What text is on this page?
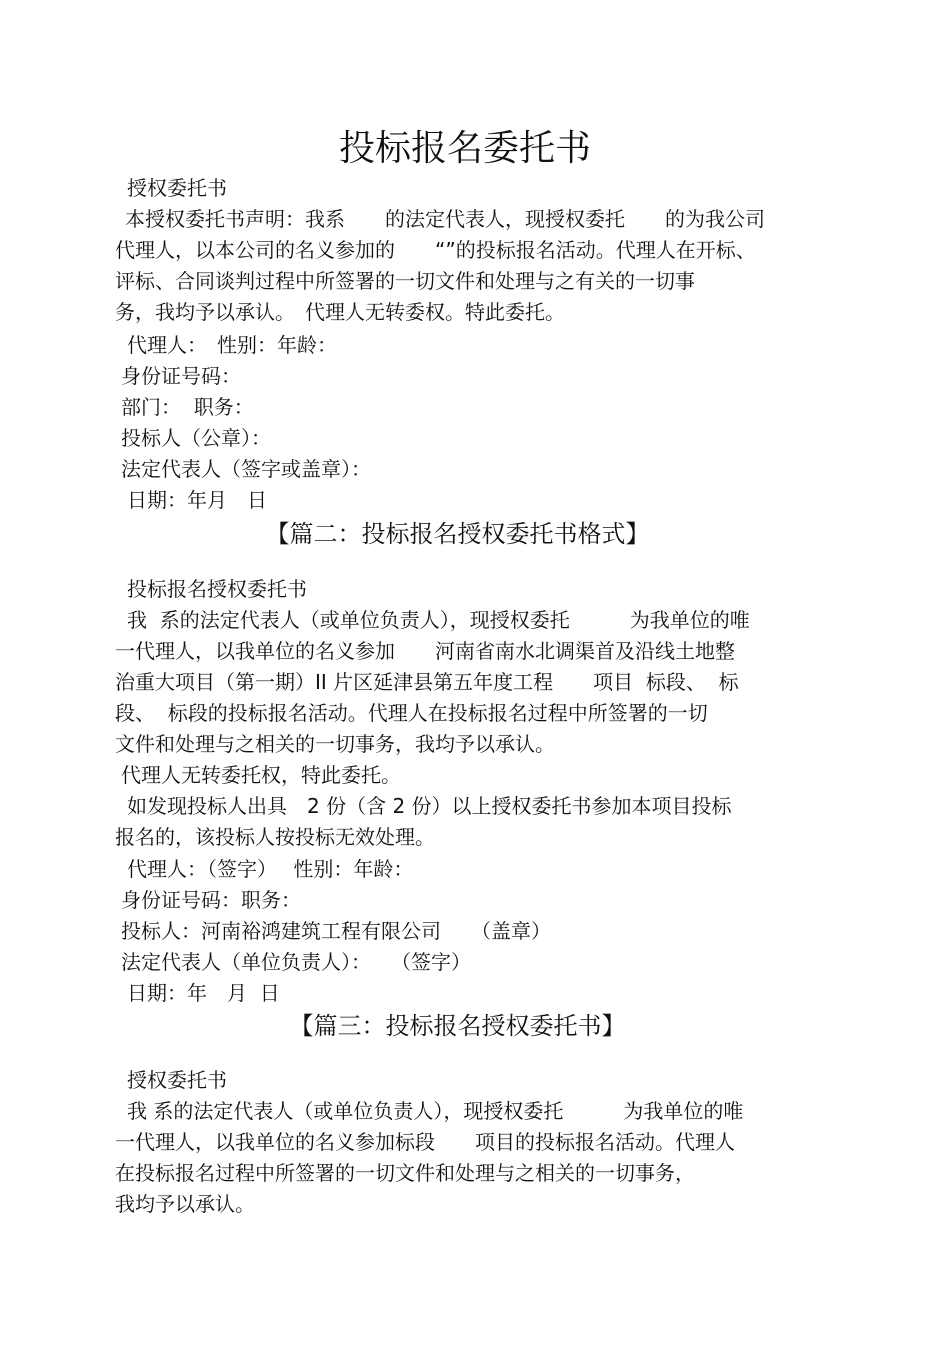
投标报名委托书
授权委托书
本授权委托书声明：我系　　的法定代表人，现授权委托　　的为我公司
代理人，以本公司的名义参加的　　“”的投标报名活动。代理人在开标、
评标、合同谈判过程中所签署的一切文件和处理与之有关的一切事
务，我均予以承认。　代理人无转委权。特此委托。
代理人：　性别：年龄：
身份证号码：
部门：  职务：
投标人（公章）：
法定代表人（签字或盖章）：
日期：年月　日
【篇二：投标报名授权委托书格式】
投标报名授权委托书
我  系的法定代表人（或单位负责人），现授权委托　　　为我单位的唯
一代理人，以我单位的名义参加　　河南省南水北调渠首及沿线土地整
治重大项目（第一期）II 片区延津县第五年度工程　　项目  标段、  标
段、  标段的投标报名活动。代理人在投标报名过程中所签署的一切
文件和处理与之相关的一切事务，我均予以承认。
代理人无转委托权，特此委托。
如发现投标人出具　2 份（含 2 份）以上授权委托书参加本项目投标
报名的，该投标人按投标无效处理。
代理人：（签字）　 性别：年龄：
身份证号码：职务：
投标人：河南裕鸿建筑工程有限公司　　（盖章）
法定代表人（单位负责人）：　　（签字）
日期：年　月  日
【篇三：投标报名授权委托书】
授权委托书
我 系的法定代表人（或单位负责人），现授权委托　　　为我单位的唯
一代理人，以我单位的名义参加标段　　项目的投标报名活动。代理人
在投标报名过程中所签署的一切文件和处理与之相关的一切事务，
我均予以承认。
